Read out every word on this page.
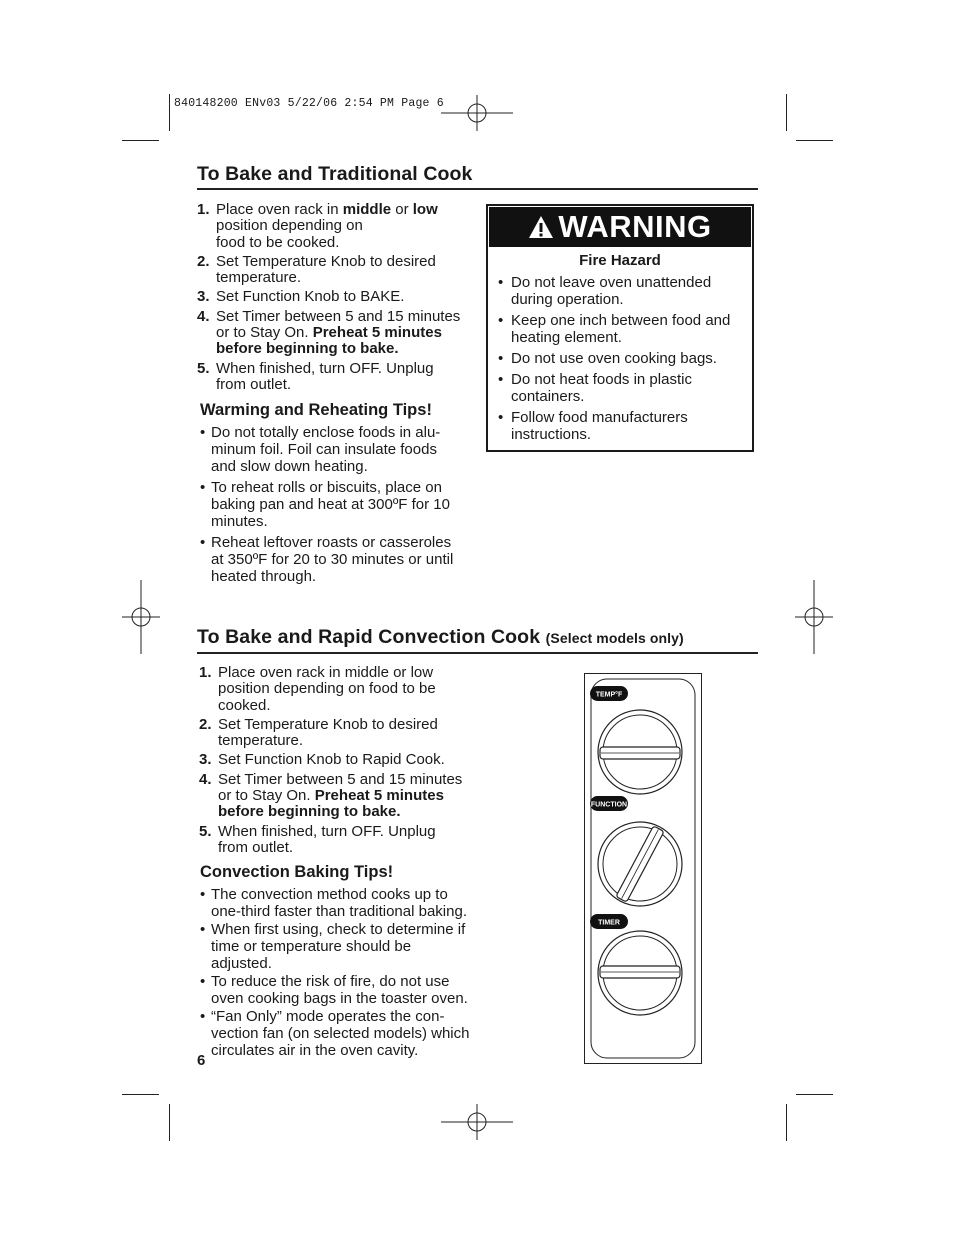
840148200 ENv03 5/22/06 2:54 PM Page 6
To Bake and Traditional Cook
1. Place oven rack in middle or low position depending on
food to be cooked.
2. Set Temperature Knob to desired temperature.
3. Set Function Knob to BAKE.
4. Set Timer between 5 and 15 minutes or to Stay On. Preheat 5 minutes before beginning to bake.
5. When finished, turn OFF. Unplug from outlet.
Warming and Reheating Tips!
• Do not totally enclose foods in alu-minum foil. Foil can insulate foods and slow down heating.
• To reheat rolls or biscuits, place on baking pan and heat at 300ºF for 10 minutes.
• Reheat leftover roasts or casseroles at 350ºF for 20 to 30 minutes or until heated through.
WARNING
Fire Hazard
• Do not leave oven unattended during operation.
• Keep one inch between food and heating element.
• Do not use oven cooking bags.
• Do not heat foods in plastic containers.
• Follow food manufacturers instructions.
To Bake and Rapid Convection Cook (Select models only)
1. Place oven rack in middle or low position depending on food to be cooked.
2. Set Temperature Knob to desired temperature.
3. Set Function Knob to Rapid Cook.
4. Set Timer between 5 and 15 minutes or to Stay On. Preheat 5 minutes before beginning to bake.
5. When finished, turn OFF. Unplug from outlet.
Convection Baking Tips!
• The convection method cooks up to one-third faster than traditional baking.
• When first using, check to determine if time or temperature should be adjusted.
• To reduce the risk of fire, do not use oven cooking bags in the toaster oven.
• “Fan Only” mode operates the con-vection fan (on selected models) which circulates air in the oven cavity.
TEMP°F
FUNCTION
TIMER
6
